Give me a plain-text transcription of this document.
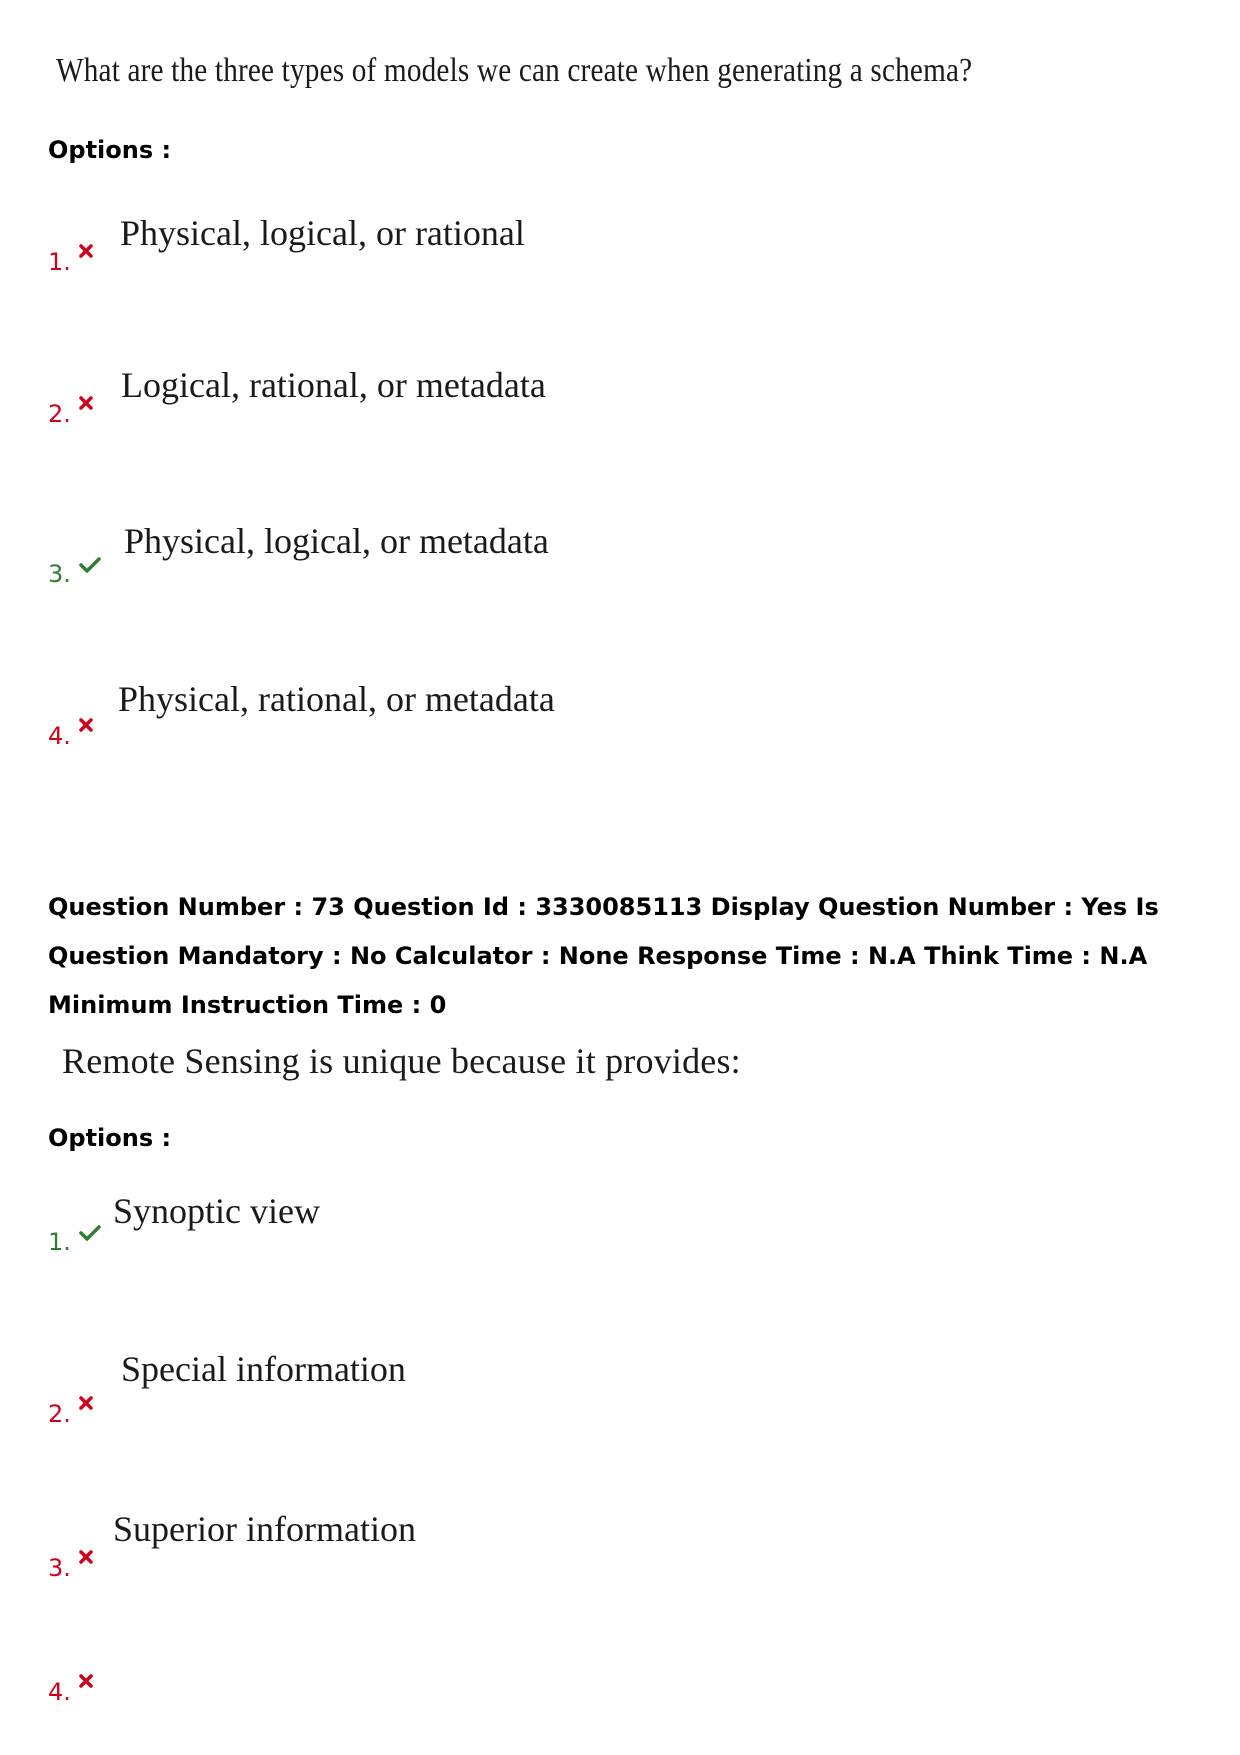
What are the three types of models we can create when generating a schema?
Options :
1.
Physical, logical, or rational
2.
Logical, rational, or metadata
3.
Physical, logical, or metadata
4.
Physical, rational, or metadata
Question Number : 73 Question Id : 3330085113 Display Question Number : Yes Is Question Mandatory : No Calculator : None Response Time : N.A Think Time : N.A Minimum Instruction Time : 0
Remote Sensing is unique because it provides:
Options :
1.
Synoptic view
2.
Special information
3.
Superior information
4.
